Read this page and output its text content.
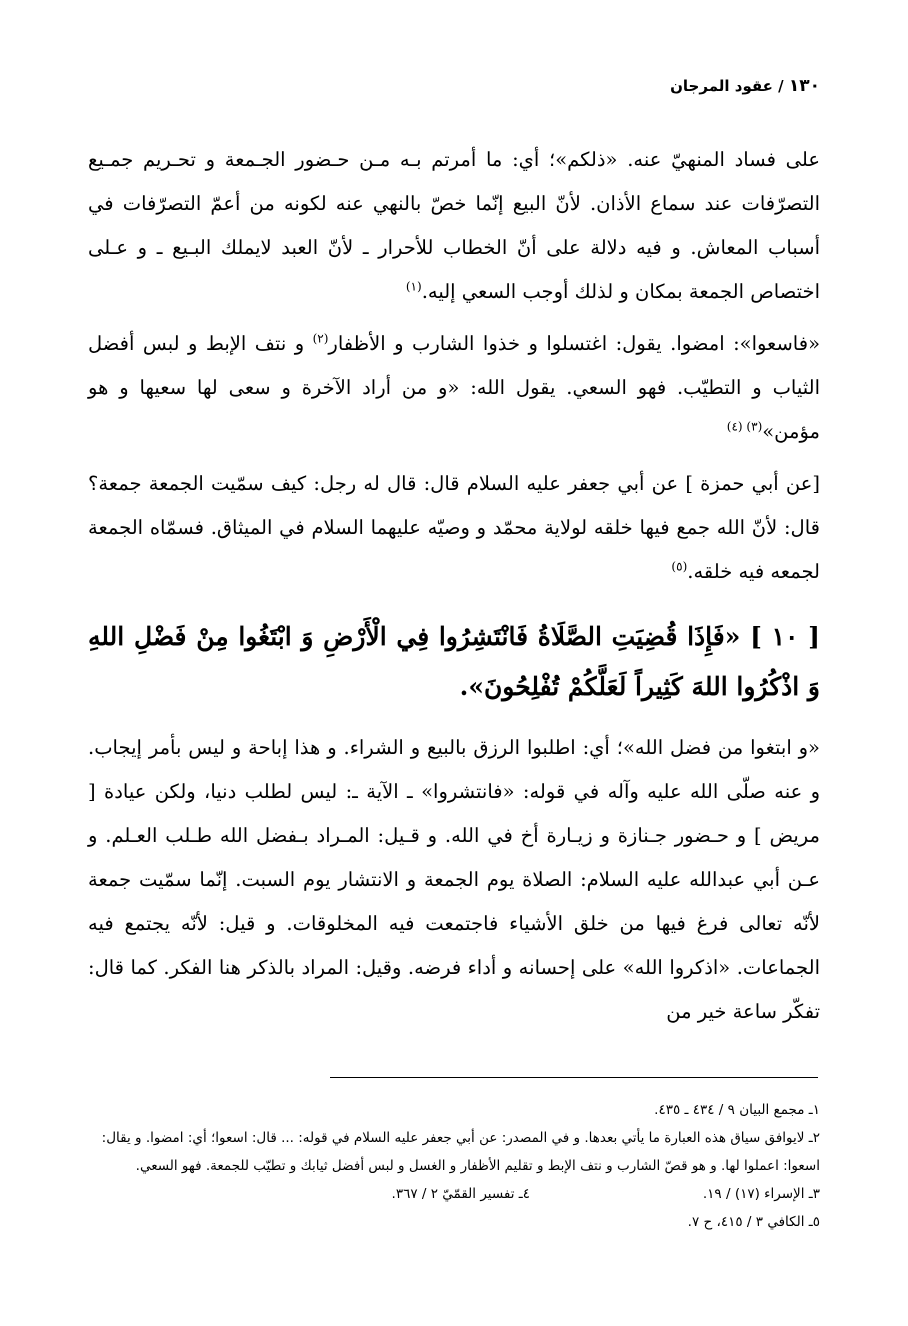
١٣٠ / عقود المرجان

على فساد المنهيّ عنه. «ذلكم»؛ أي: ما أمرتم بـه مـن حـضور الجـمعة و تحـريم جمـيع التصرّفات عند سماع الأذان. لأنّ البيع إنّما خصّ بالنهي عنه لكونه من أعمّ التصرّفات في أسباب المعاش. و فيه دلالة على أنّ الخطاب للأحرار ـ لأنّ العبد لايملك البـيع ـ و عـلى اختصاص الجمعة بمكان و لذلك أوجب السعي إليه.$^{(١)}$

«فاسعوا»: امضوا. يقول: اغتسلوا و خذوا الشارب و الأظفار$^{(٢)}$ و نتف الإبط و لبس أفضل الثياب و التطيّب. فهو السعي. يقول الله: «و من أراد الآخرة و سعى لها سعيها و هو مؤمن»$^{(٣) (٤)}$

[عن أبي حمزة ] عن أبي جعفر عليه السلام قال: قال له رجل: كيف سمّيت الجمعة جمعة؟ قال: لأنّ الله جمع فيها خلقه لولاية محمّد و وصيّه عليهما السلام في الميثاق. فسمّاه الجمعة لجمعه فيه خلقه.$^{(٥)}$

[ ١٠ ] «فَإِذَا قُضِيَتِ الصَّلَاةُ فَانْتَشِرُوا فِي الْأَرْضِ وَ ابْتَغُوا مِنْ فَضْلِ اللهِ وَ اذْكُرُوا اللهَ كَثِيراً لَعَلَّكُمْ تُفْلِحُونَ».

«و ابتغوا من فضل الله»؛ أي: اطلبوا الرزق بالبيع و الشراء. و هذا إباحة و ليس بأمر إيجاب. و عنه صلّى الله عليه وآله في قوله: «فانتشروا» ـ الآية ـ: ليس لطلب دنيا، ولكن عيادة [ مريض ] و حـضور جـنازة و زيـارة أخ في الله. و قـيل: المـراد بـفضل الله طـلب العـلم. و عـن أبي عبدالله عليه السلام: الصلاة يوم الجمعة و الانتشار يوم السبت. إنّما سمّيت جمعة لأنّه تعالى فرغ فيها من خلق الأشياء فاجتمعت فيه المخلوقات. و قيل: لأنّه يجتمع فيه الجماعات. «اذكروا الله» على إحسانه و أداء فرضه. وقيل: المراد بالذكر هنا الفكر. كما قال: تفكّر ساعة خير من

١ـ مجمع البيان ٩ / ٤٣٤ ـ ٤٣٥.
٢ـ لايوافق سياق هذه العبارة ما يأتي بعدها. و في المصدر: عن أبي جعفر عليه السلام في قوله: ... قال: اسعوا؛ أي: امضوا. و يقال:
اسعوا: اعملوا لها. و هو قصّ الشارب و نتف الإبط و تقليم الأظفار و الغسل و لبس أفضل ثيابك و تطيّب للجمعة. فهو السعي.
٣ـ الإسراء (١٧) / ١٩.
٤ـ تفسير القمّيّ ٢ / ٣٦٧.
٥ـ الكافي ٣ / ٤١٥، ح ٧.
